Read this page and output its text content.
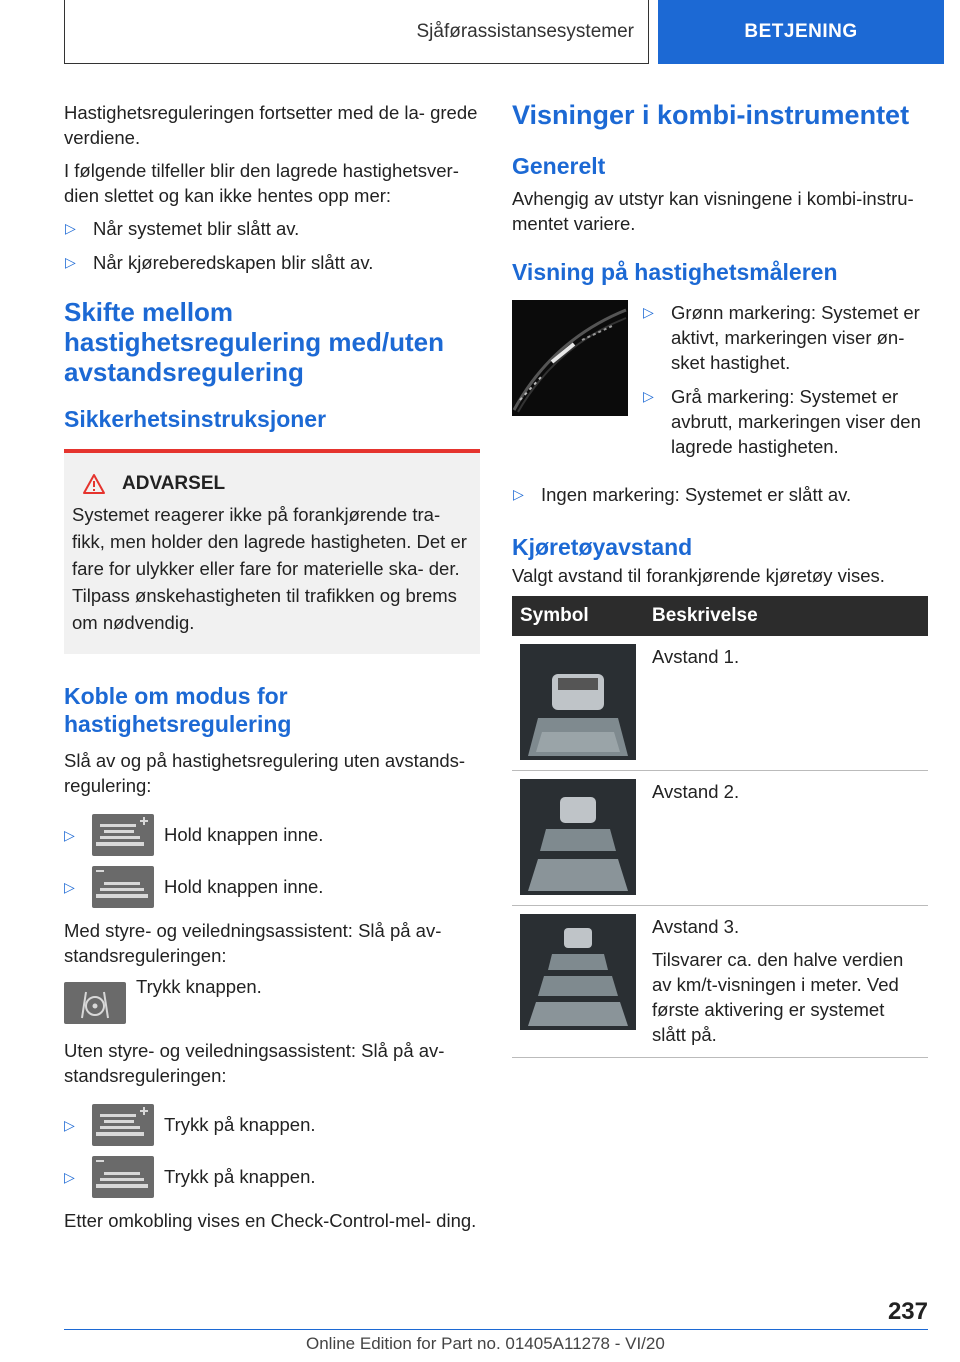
Sjåførassistansesystemer	BETJENING

Hastighetsreguleringen fortsetter med de la‐ grede verdiene.

I følgende tilfeller blir den lagrede hastighetsver‐ dien slettet og kan ikke hentes opp mer:

▷ Når systemet blir slått av.
▷ Når kjøreberedskapen blir slått av.
Skifte mellom hastighetsregulering med/uten avstandsregulering
Sikkerhetsinstruksjoner
ADVARSEL

Systemet reagerer ikke på forankjørende tra‐ fikk, men holder den lagrede hastigheten. Det er fare for ulykker eller fare for materielle ska‐ der. Tilpass ønskehastigheten til trafikken og brems om nødvendig.

Koble om modus for hastighetsregulering

Slå av og på hastighetsregulering uten avstands‐ regulering:

▷	Hold knappen inne.
▷	Hold knappen inne.

Med styre- og veiledningsassistent: Slå på av‐ standsreguleringen:

Trykk knappen.

Uten styre- og veiledningsassistent: Slå på av‐ standsreguleringen:

▷	Trykk på knappen.
▷	Trykk på knappen.

Etter omkobling vises en Check-Control-mel‐ ding.

Visninger i kombi-instrumentet
Generelt

Avhengig av utstyr kan visningene i kombi-instru‐ mentet variere.

Visning på hastighetsmåleren
▷ Grønn markering: Systemet er aktivt, markeringen viser øn‐ sket hastighet.
▷ Grå markering: Systemet er avbrutt, markeringen viser den lagrede hastigheten.
▷ Ingen markering: Systemet er slått av.
Kjøretøyavstand

Valgt avstand til forankjørende kjøretøy vises.

Symbol	Beskrivelse

	Avstand 1.

	Avstand 2.

Avstand 3.
Tilsvarer ca. den halve verdien av km/t-visningen i meter. Ved første aktivering er systemet slått på.
237
Online Edition for Part no. 01405A11278 - VI/20
